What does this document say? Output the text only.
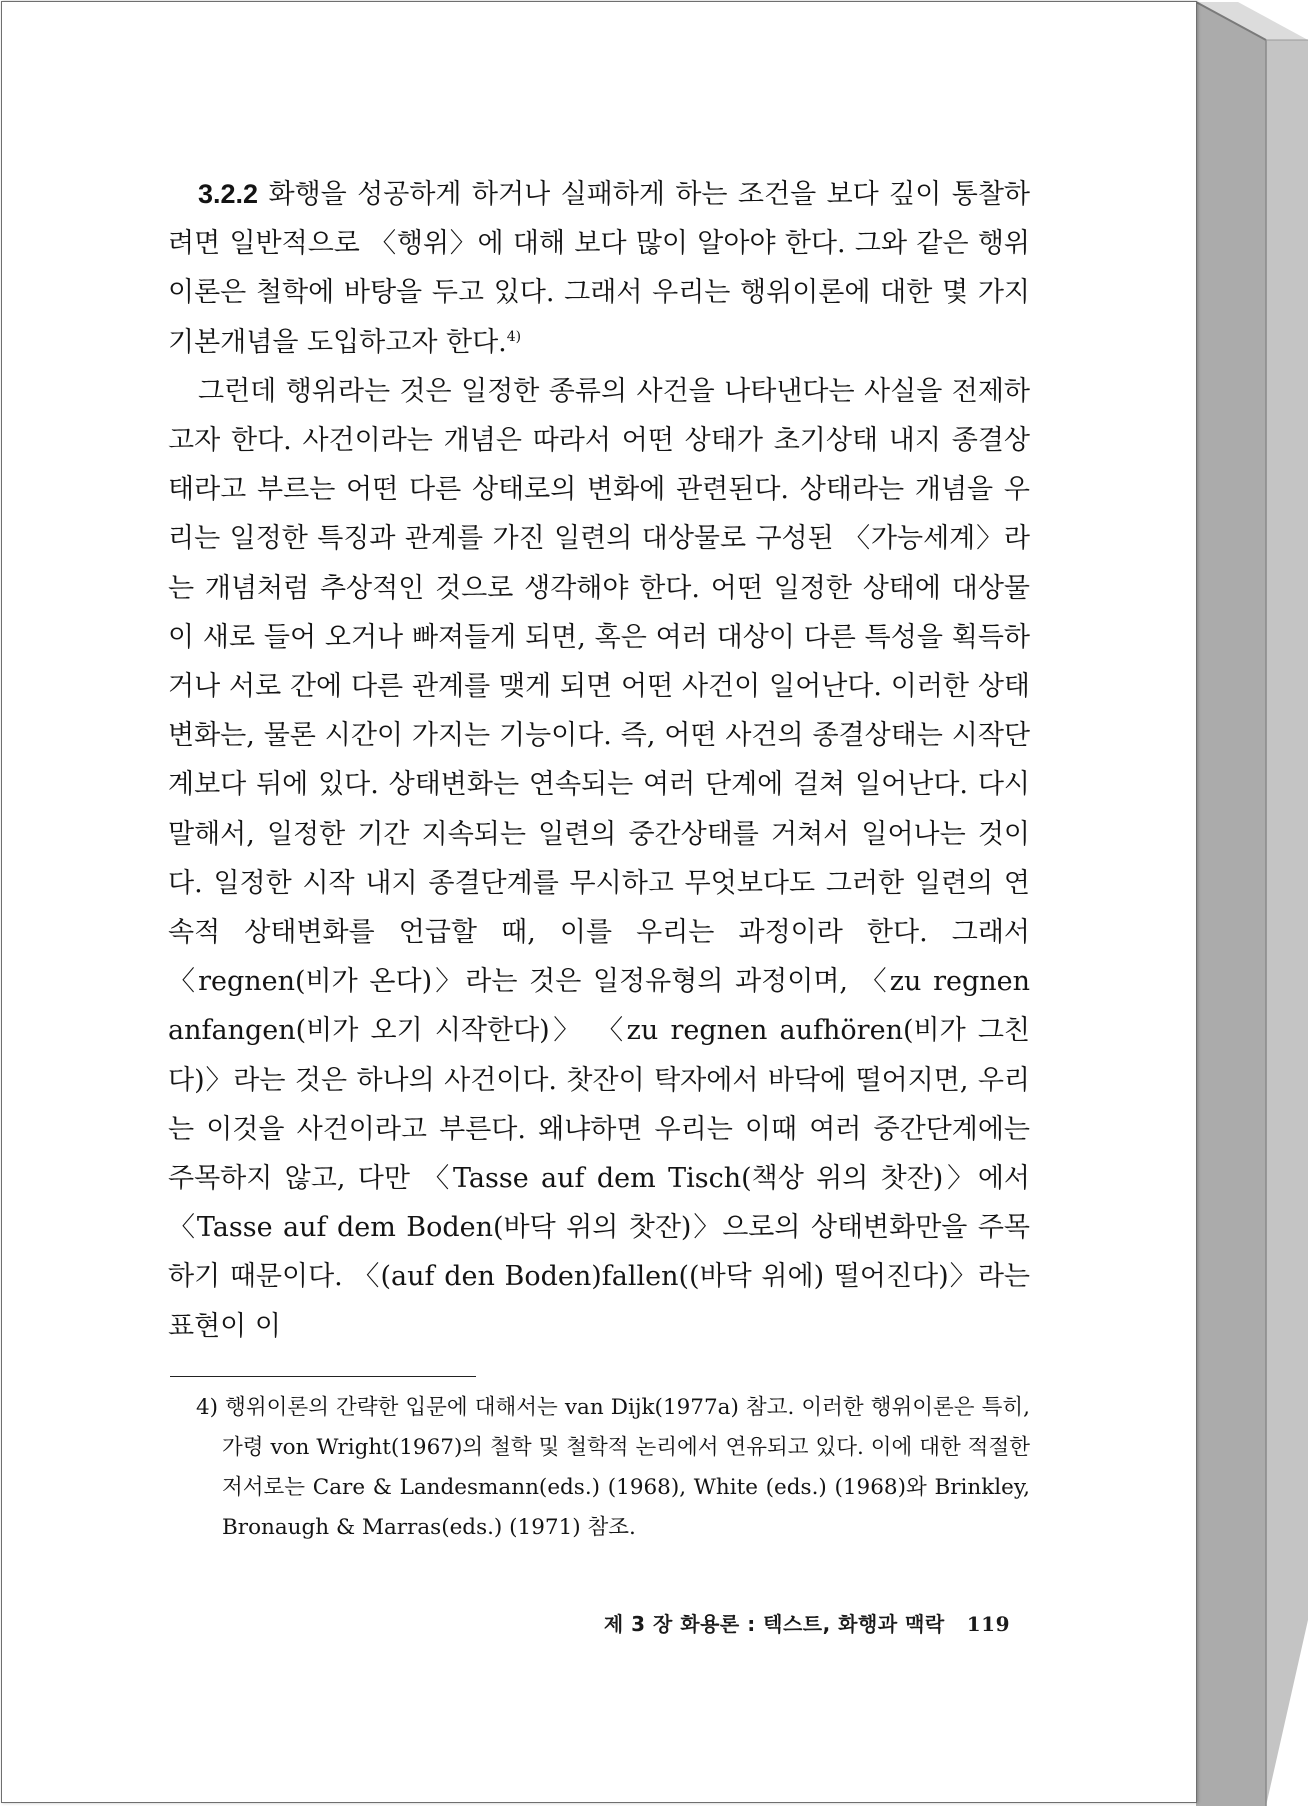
3.2.2 화행을 성공하게 하거나 실패하게 하는 조건을 보다 깊이 통찰하려면 일반적으로 〈행위〉에 대해 보다 많이 알아야 한다. 그와 같은 행위이론은 철학에 바탕을 두고 있다. 그래서 우리는 행위이론에 대한 몇 가지 기본개념을 도입하고자 한다.$^{4)}$

그런데 행위라는 것은 일정한 종류의 사건을 나타낸다는 사실을 전제하고자 한다. 사건이라는 개념은 따라서 어떤 상태가 초기상태 내지 종결상태라고 부르는 어떤 다른 상태로의 변화에 관련된다. 상태라는 개념을 우리는 일정한 특징과 관계를 가진 일련의 대상물로 구성된 〈가능세계〉라는 개념처럼 추상적인 것으로 생각해야 한다. 어떤 일정한 상태에 대상물이 새로 들어 오거나 빠져들게 되면, 혹은 여러 대상이 다른 특성을 획득하거나 서로 간에 다른 관계를 맺게 되면 어떤 사건이 일어난다. 이러한 상태변화는, 물론 시간이 가지는 기능이다. 즉, 어떤 사건의 종결상태는 시작단계보다 뒤에 있다. 상태변화는 연속되는 여러 단계에 걸쳐 일어난다. 다시 말해서, 일정한 기간 지속되는 일련의 중간상태를 거쳐서 일어나는 것이다. 일정한 시작 내지 종결단계를 무시하고 무엇보다도 그러한 일련의 연속적 상태변화를 언급할 때, 이를 우리는 과정이라 한다. 그래서 〈regnen(비가 온다)〉라는 것은 일정유형의 과정이며, 〈zu regnen anfangen(비가 오기 시작한다)〉 〈zu regnen aufhören(비가 그친다)〉라는 것은 하나의 사건이다. 찻잔이 탁자에서 바닥에 떨어지면, 우리는 이것을 사건이라고 부른다. 왜냐하면 우리는 이때 여러 중간단계에는 주목하지 않고, 다만 〈Tasse auf dem Tisch(책상 위의 찻잔)〉에서 〈Tasse auf dem Boden(바닥 위의 찻잔)〉으로의 상태변화만을 주목하기 때문이다. 〈(auf den Boden)fallen((바닥 위에) 떨어진다)〉라는 표현이 이

4) 행위이론의 간략한 입문에 대해서는 van Dijk(1977a) 참고. 이러한 행위이론은 특히, 가령 von Wright(1967)의 철학 및 철학적 논리에서 연유되고 있다. 이에 대한 적절한 저서로는 Care & Landesmann(eds.) (1968), White (eds.) (1968)와 Brinkley, Bronaugh & Marras(eds.) (1971) 참조.
제 3 장 화용론 : 텍스트, 화행과 맥락 119
